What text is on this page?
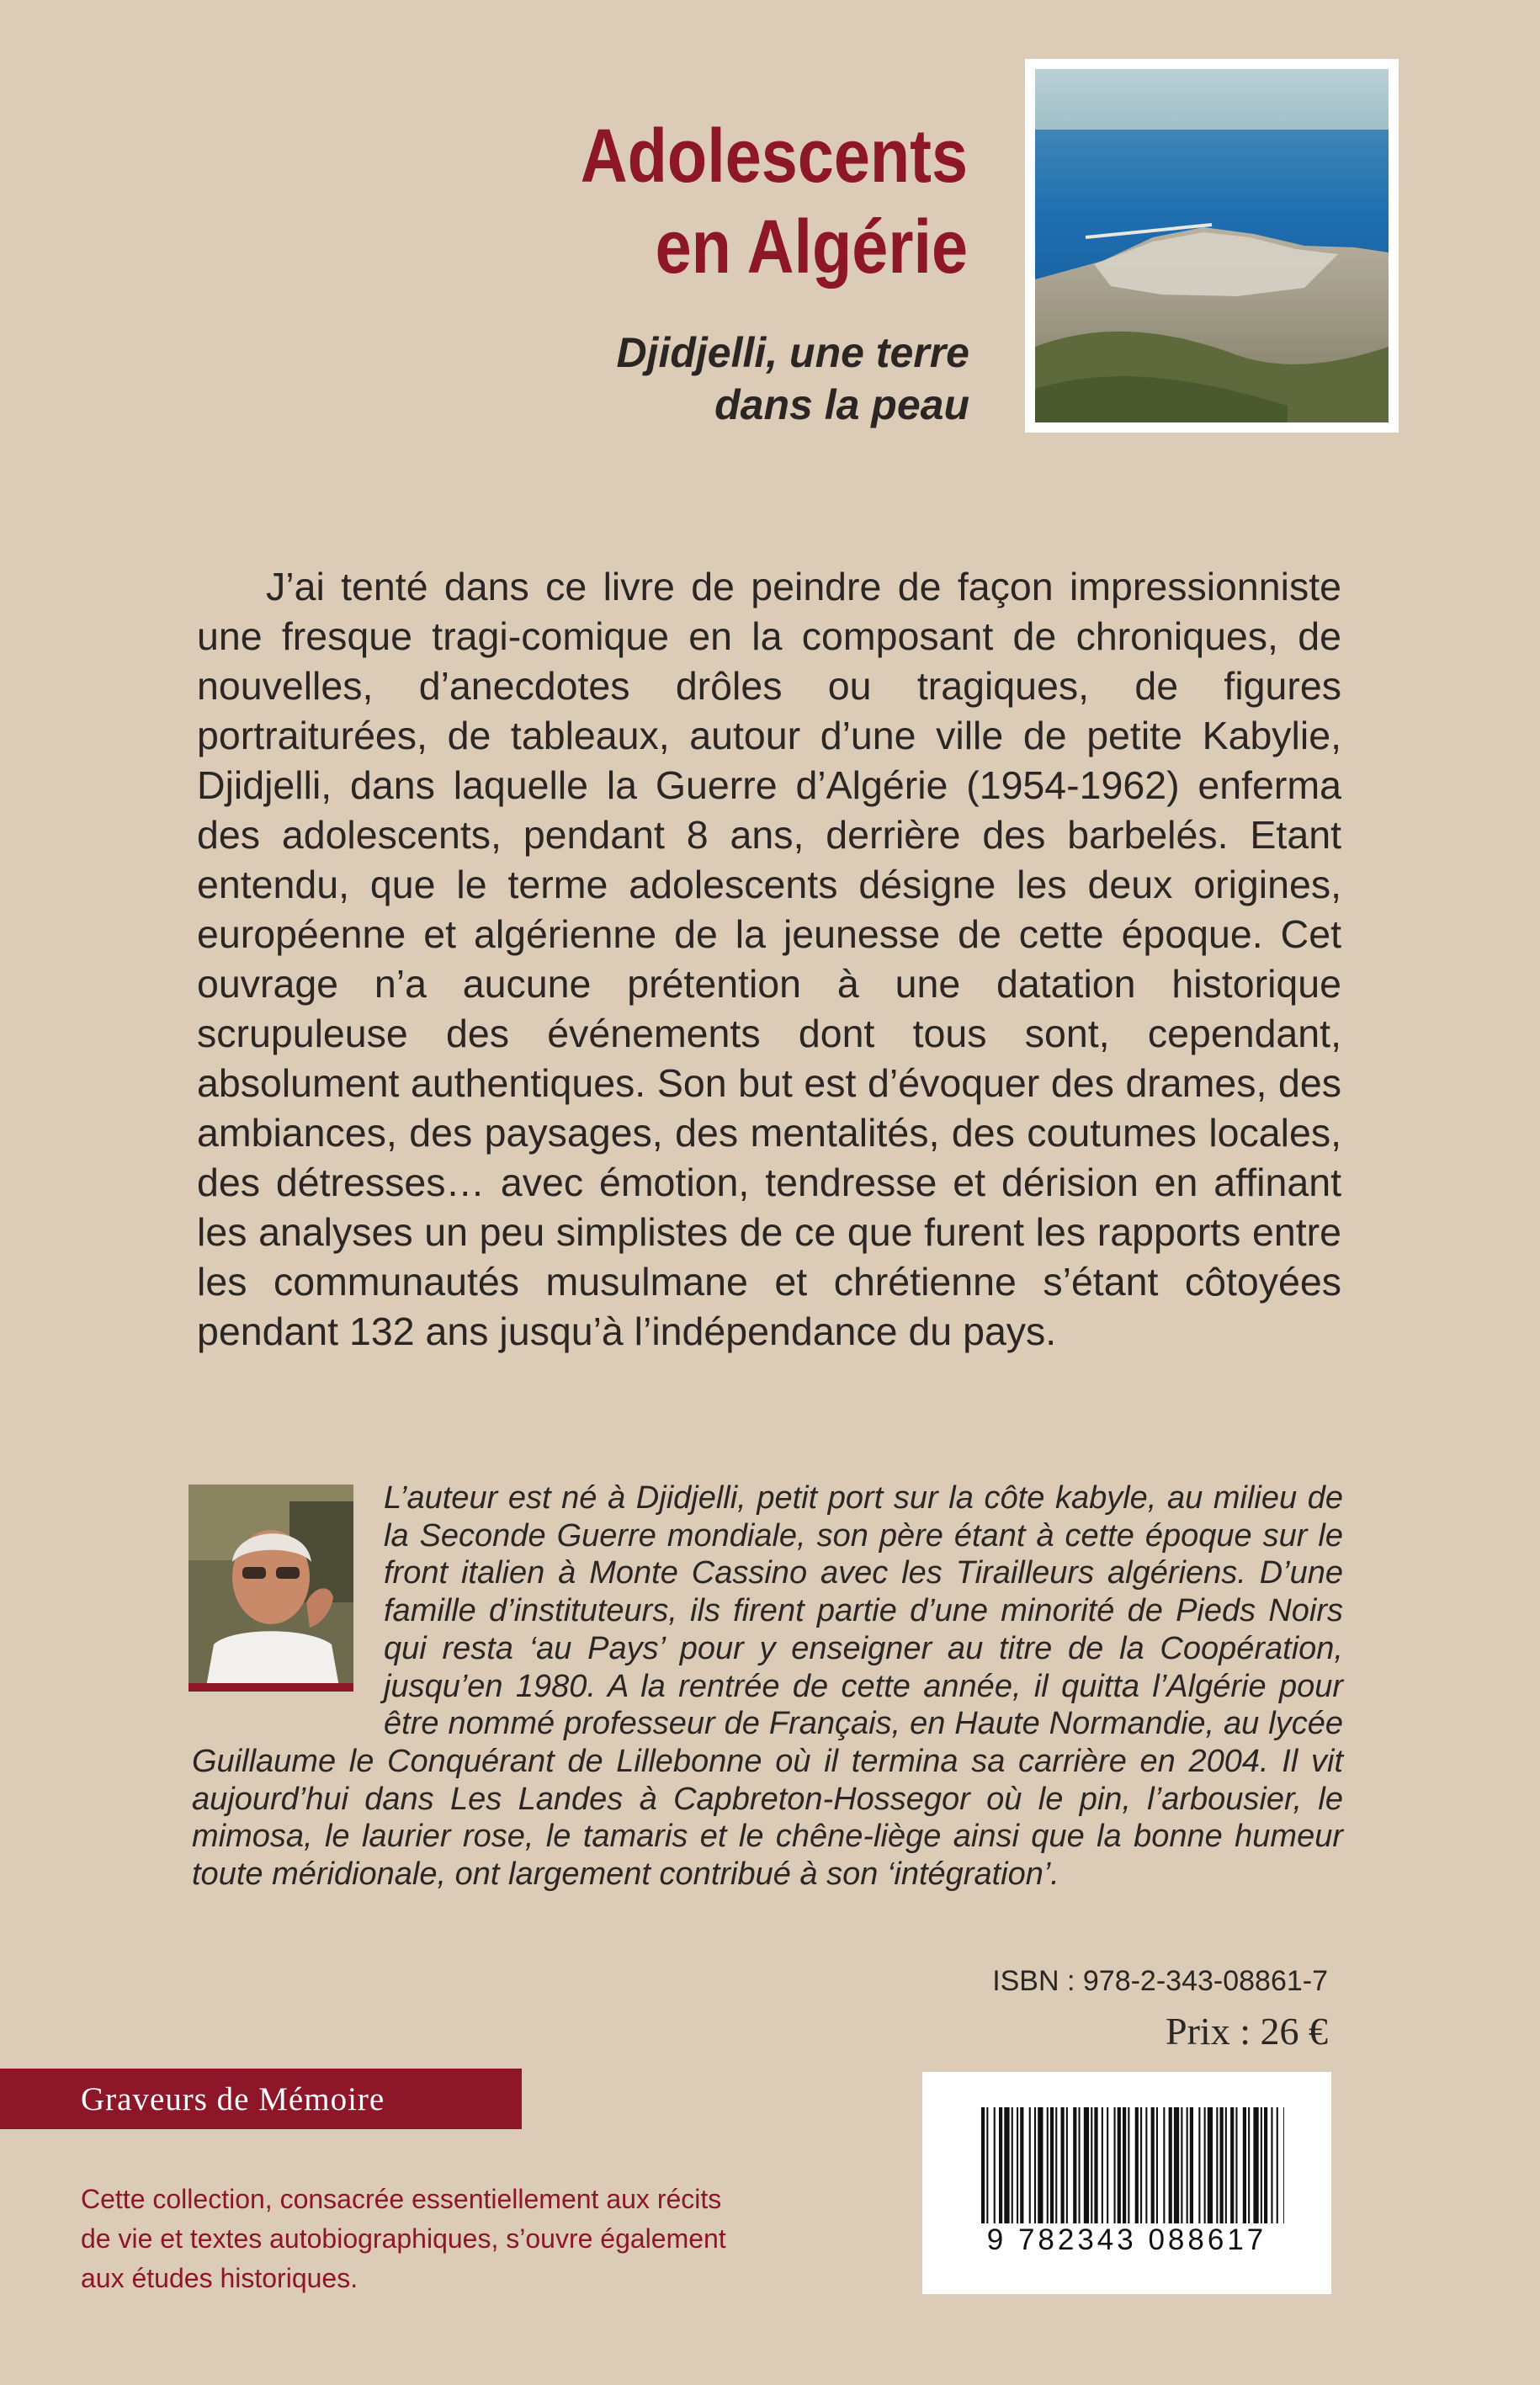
Adolescents
en Algérie
Djidjelli, une terre
dans la peau

J’ai tenté dans ce livre de peindre de façon impressionniste une fresque tragi-comique en la composant de chroniques, de nouvelles, d’anecdotes drôles ou tragiques, de figures portraiturées, de tableaux, autour d’une ville de petite Kabylie, Djidjelli, dans laquelle la Guerre d’Algérie (1954-1962) enferma des adolescents, pendant 8 ans, derrière des barbelés. Etant entendu, que le terme adolescents désigne les deux origines, européenne et algérienne de la jeunesse de cette époque. Cet ouvrage n’a aucune prétention à une datation historique scrupuleuse des événements dont tous sont, cependant, absolument authentiques. Son but est d’évoquer des drames, des ambiances, des paysages, des mentalités, des coutumes locales, des détresses… avec émotion, tendresse et dérision en affinant les analyses un peu simplistes de ce que furent les rapports entre les communautés musulmane et chrétienne s’étant côtoyées pendant 132 ans jusqu’à l’indépendance du pays.

L’auteur est né à Djidjelli, petit port sur la côte kabyle, au milieu de la Seconde Guerre mondiale, son père étant à cette époque sur le front italien à Monte Cassino avec les Tirailleurs algériens. D’une famille d’instituteurs, ils firent partie d’une minorité de Pieds Noirs qui resta ‘au Pays’ pour y enseigner au titre de la Coopération, jusqu’en 1980. A la rentrée de cette année, il quitta l’Algérie pour être nommé professeur de Français, en Haute Normandie, au lycée Guillaume le Conquérant de Lillebonne où il termina sa carrière en 2004. Il vit aujourd’hui dans Les Landes à Capbreton-Hossegor où le pin, l’arbousier, le mimosa, le laurier rose, le tamaris et le chêne-liège ainsi que la bonne humeur toute méridionale, ont largement contribué à son ‘intégration’.

ISBN : 978-2-343-08861-7
Prix : 26 €
Graveurs de Mémoire
Cette collection, consacrée essentiellement aux récits
de vie et textes autobiographiques, s’ouvre également
aux études historiques.
9 782343 088617
